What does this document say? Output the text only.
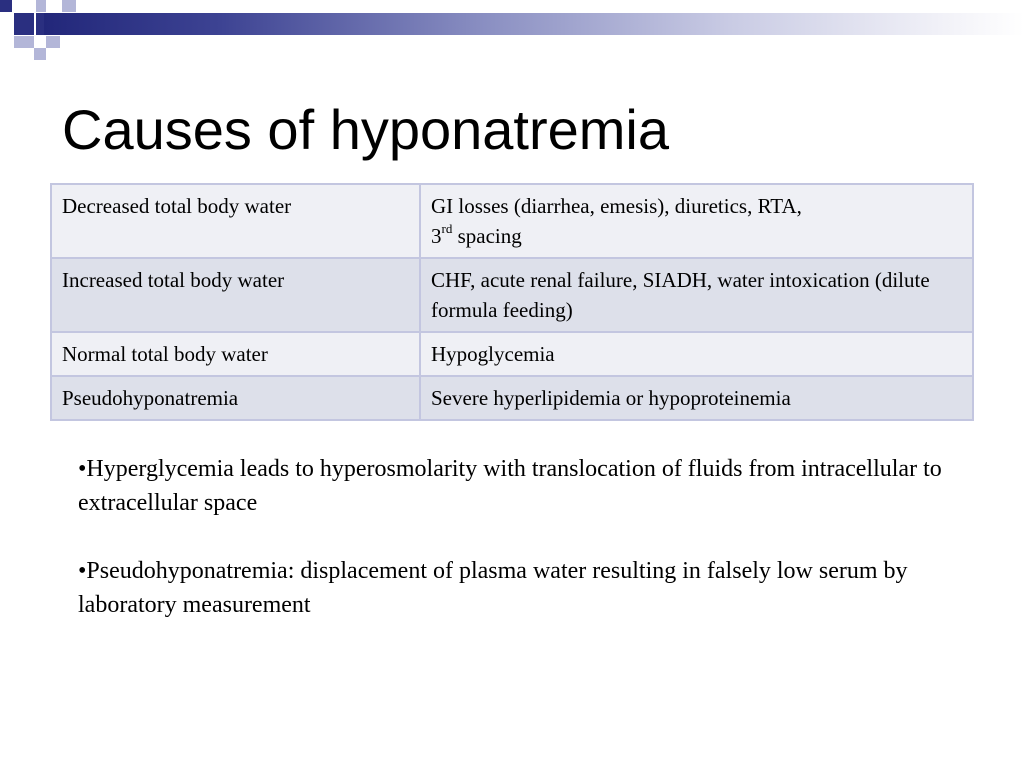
Causes of hyponatremia
Decreased total body water	GI losses (diarrhea, emesis), diuretics, RTA,
3rd spacing
Increased total body water	CHF, acute renal failure, SIADH, water intoxication (dilute formula feeding)
Normal total body water	Hypoglycemia
Pseudohyponatremia	Severe hyperlipidemia or hypoproteinemia

•Hyperglycemia leads to hyperosmolarity with translocation of fluids from intracellular to extracellular space

•Pseudohyponatremia: displacement of plasma water resulting in falsely low serum by laboratory measurement
